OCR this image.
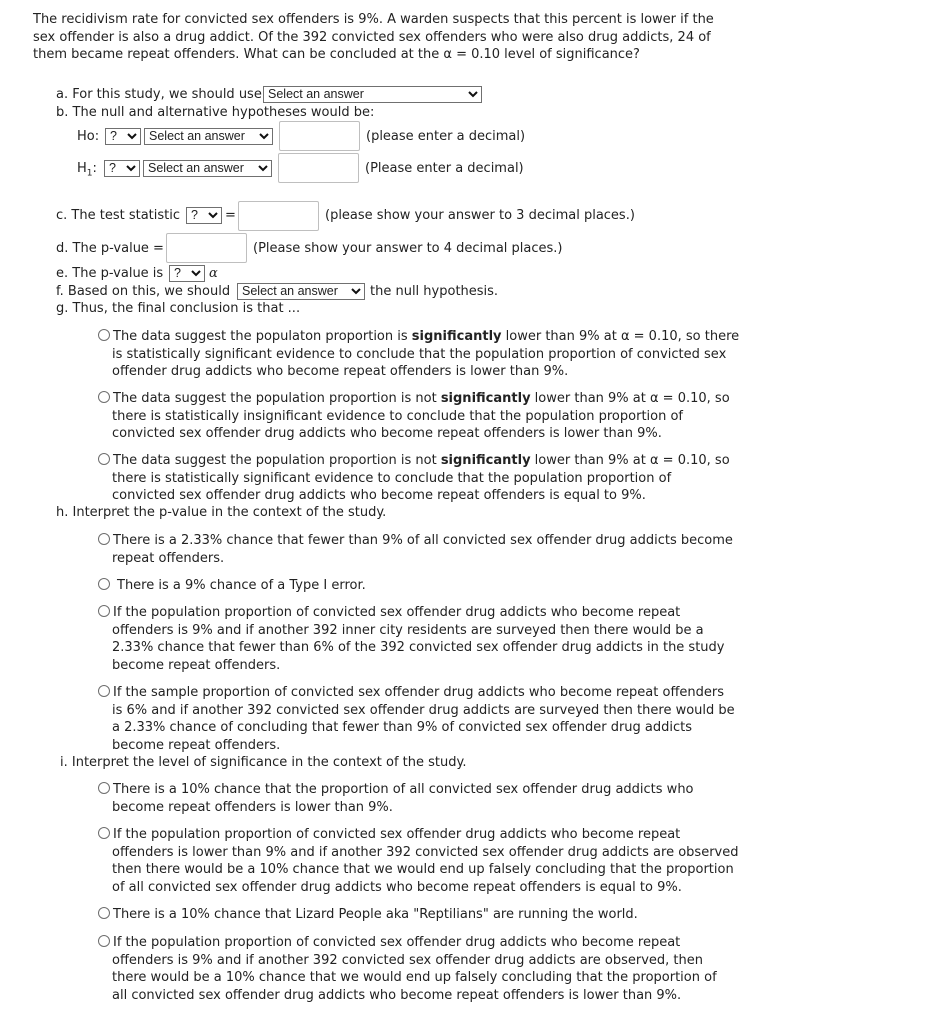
The recidivism rate for convicted sex offenders is 9%. A warden suspects that this percent is lower if the
sex offender is also a drug addict. Of the 392 convicted sex offenders who were also drug addicts, 24 of
them became repeat offenders. What can be concluded at the α = 0.10 level of significance?
a. For this study, we should use Select an answer
b. The null and alternative hypotheses would be:
Ho: ?	Select an answer	(please enter a decimal)
$H_1$: ?	Select an answer	(Please enter a decimal)
c. The test statistic ?	=	(please show your answer to 3 decimal places.)
d. The p-value =	(Please show your answer to 4 decimal places.)
e. The p-value is ?	α
f. Based on this, we should Select an answer	the null hypothesis.
g. Thus, the final conclusion is that ...
The data suggest the populaton proportion is significantly lower than 9% at α = 0.10, so there
is statistically significant evidence to conclude that the population proportion of convicted sex
offender drug addicts who become repeat offenders is lower than 9%.
The data suggest the population proportion is not significantly lower than 9% at α = 0.10, so
there is statistically insignificant evidence to conclude that the population proportion of
convicted sex offender drug addicts who become repeat offenders is lower than 9%.
The data suggest the population proportion is not significantly lower than 9% at α = 0.10, so
there is statistically significant evidence to conclude that the population proportion of
convicted sex offender drug addicts who become repeat offenders is equal to 9%.
h. Interpret the p-value in the context of the study.
There is a 2.33% chance that fewer than 9% of all convicted sex offender drug addicts become
repeat offenders.
There is a 9% chance of a Type I error.
If the population proportion of convicted sex offender drug addicts who become repeat
offenders is 9% and if another 392 inner city residents are surveyed then there would be a
2.33% chance that fewer than 6% of the 392 convicted sex offender drug addicts in the study
become repeat offenders.
If the sample proportion of convicted sex offender drug addicts who become repeat offenders
is 6% and if another 392 convicted sex offender drug addicts are surveyed then there would be
a 2.33% chance of concluding that fewer than 9% of convicted sex offender drug addicts
become repeat offenders.
i. Interpret the level of significance in the context of the study.
There is a 10% chance that the proportion of all convicted sex offender drug addicts who
become repeat offenders is lower than 9%.
If the population proportion of convicted sex offender drug addicts who become repeat
offenders is lower than 9% and if another 392 convicted sex offender drug addicts are observed
then there would be a 10% chance that we would end up falsely concluding that the proportion
of all convicted sex offender drug addicts who become repeat offenders is equal to 9%.
There is a 10% chance that Lizard People aka "Reptilians" are running the world.
If the population proportion of convicted sex offender drug addicts who become repeat
offenders is 9% and if another 392 convicted sex offender drug addicts are observed, then
there would be a 10% chance that we would end up falsely concluding that the proportion of
all convicted sex offender drug addicts who become repeat offenders is lower than 9%.
